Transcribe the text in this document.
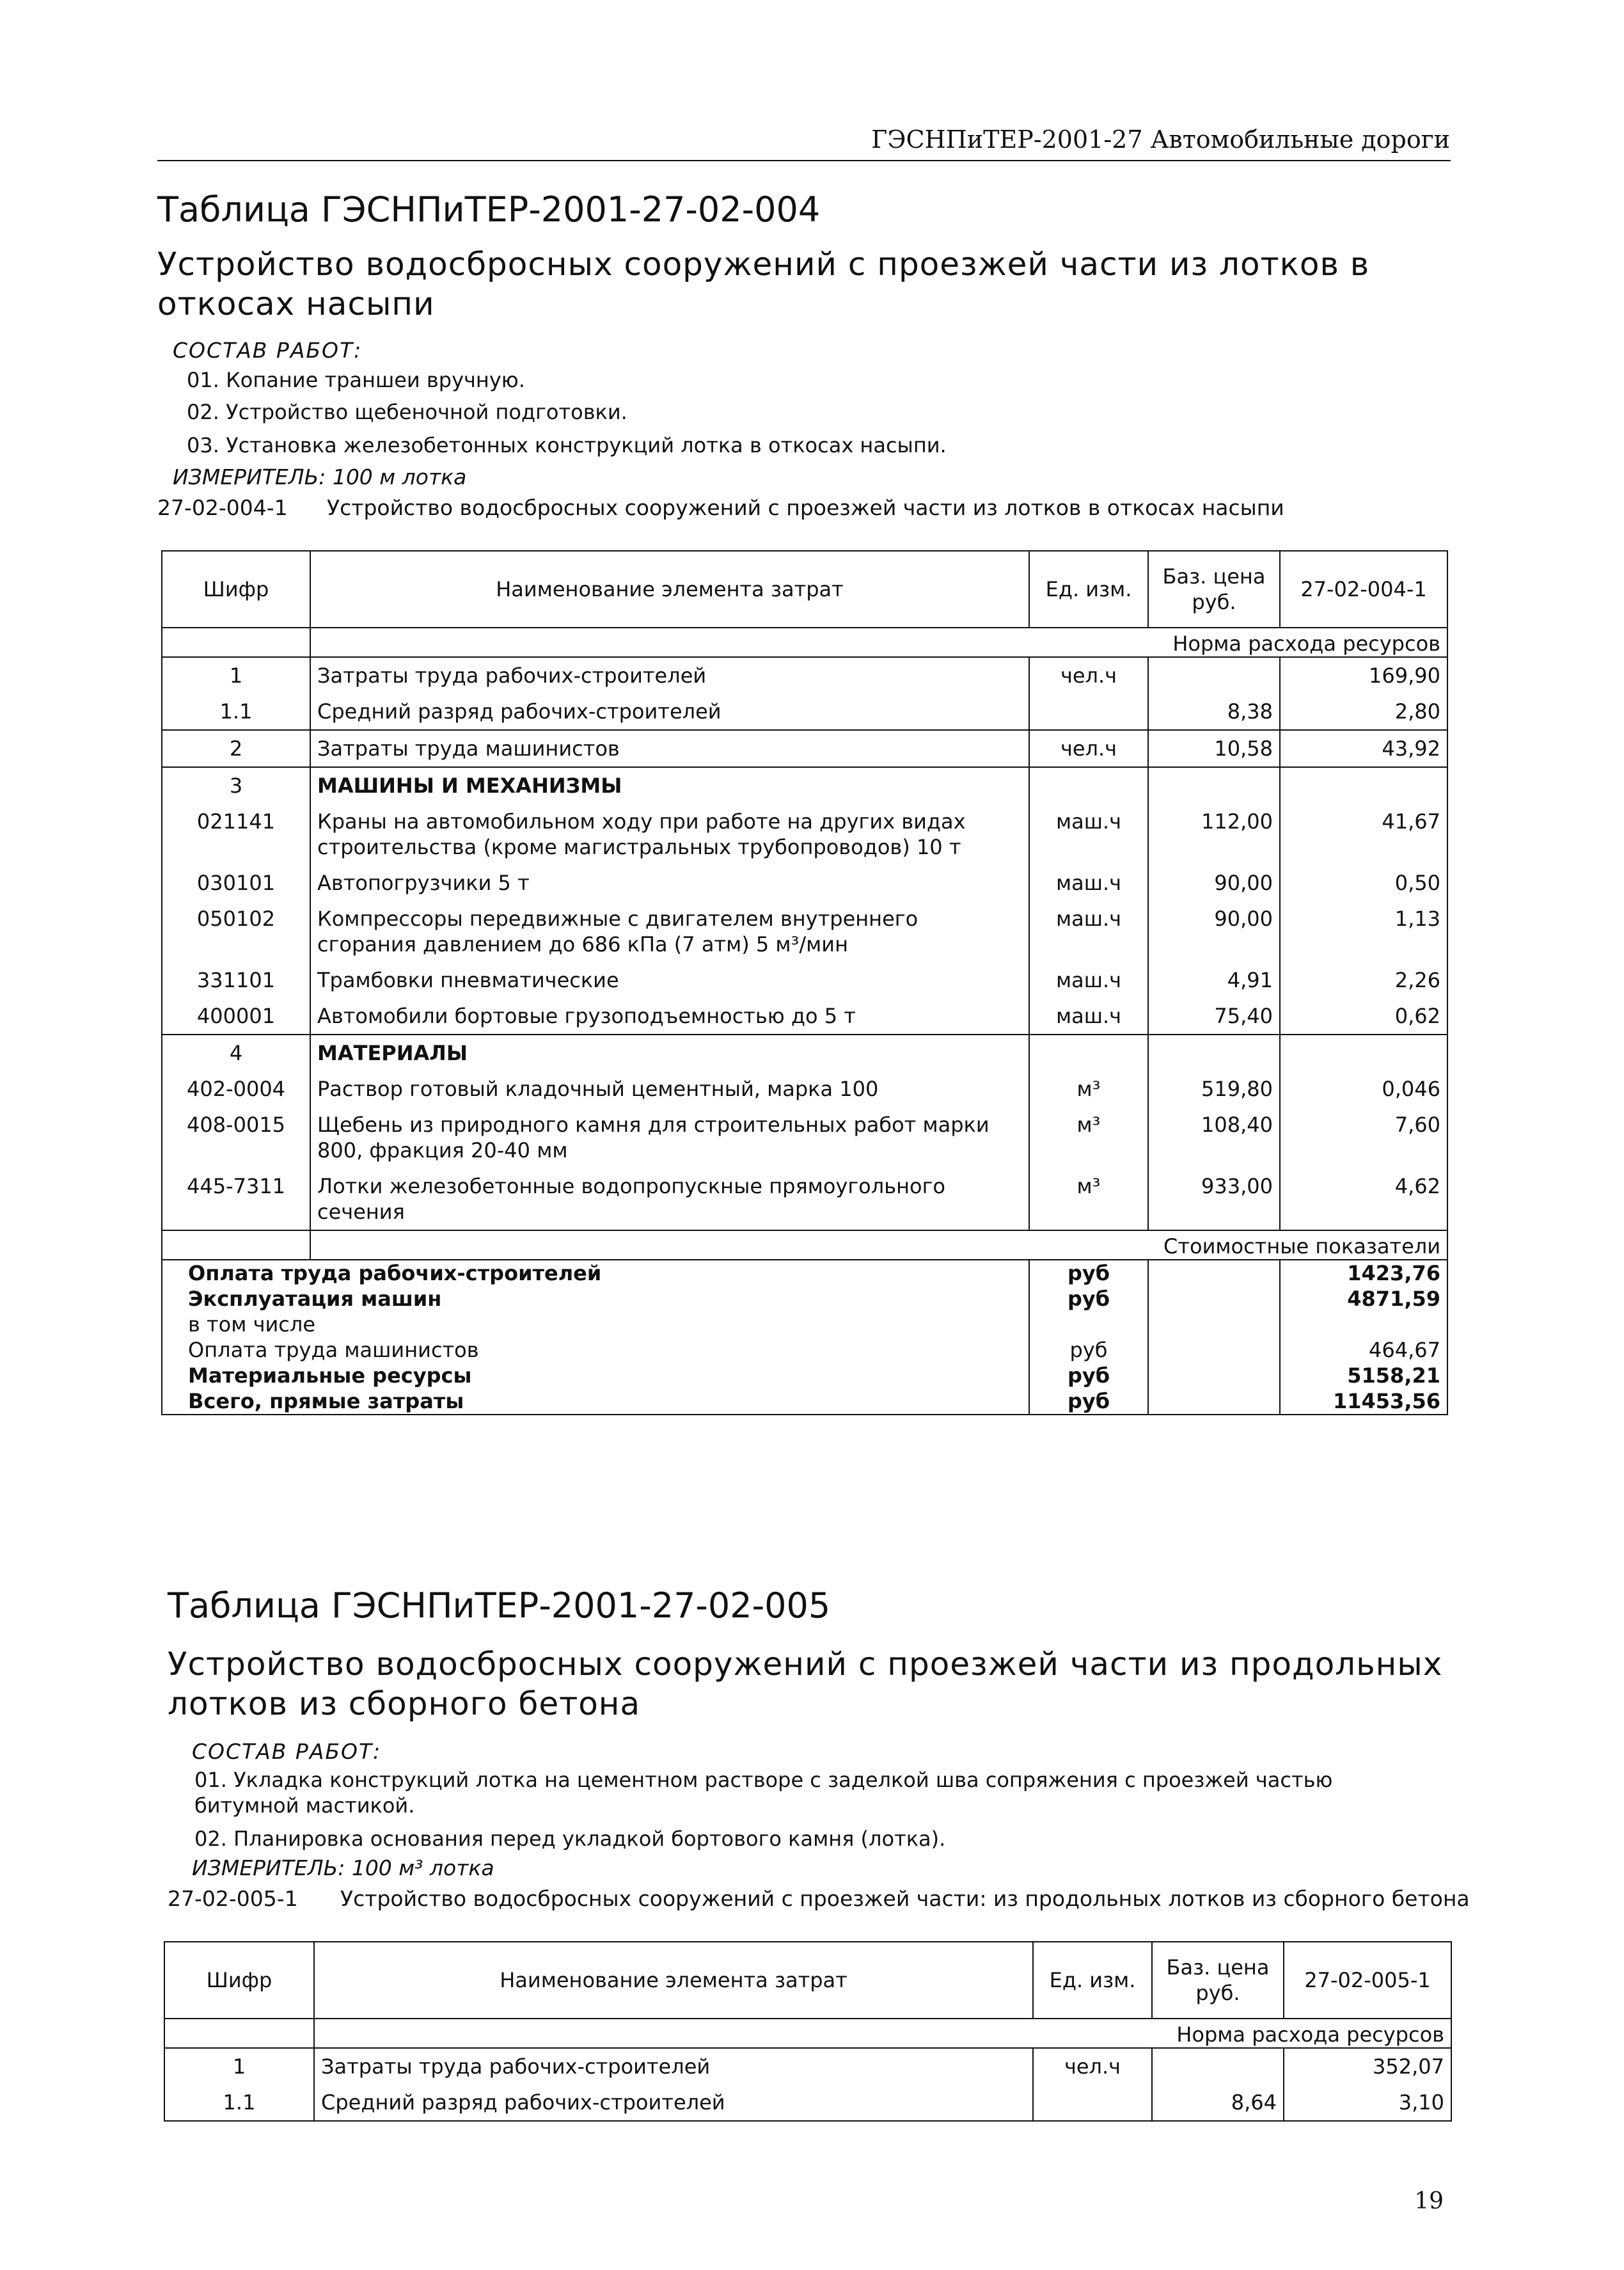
ГЭСНПиТЕР-2001-27 Автомобильные дороги
Таблица ГЭСНПиТЕР-2001-27-02-004
Устройство водосбросных сооружений с проезжей части из лотков в откосах насыпи
СОСТАВ РАБОТ:
01. Копание траншеи вручную.
02. Устройство щебеночной подготовки.
03. Установка железобетонных конструкций лотка в откосах насыпи.
ИЗМЕРИТЕЛЬ: 100 м лотка
27-02-004-1 Устройство водосбросных сооружений с проезжей части из лотков в откосах насыпи
Шифр	Наименование элемента затрат	Ед. изм.	Баз. цена руб.	27-02-004-1
	Норма расхода ресурсов			
1	Затраты труда рабочих-строителей	чел.ч		169,90
1.1	Средний разряд рабочих-строителей		8,38	2,80
2	Затраты труда машинистов	чел.ч	10,58	43,92
3	МАШИНЫ И МЕХАНИЗМЫ			
021141	Краны на автомобильном ходу при работе на других видах строительства (кроме магистральных трубопроводов) 10 т	маш.ч	112,00	41,67
030101	Автопогрузчики 5 т	маш.ч	90,00	0,50
050102	Компрессоры передвижные с двигателем внутреннего сгорания давлением до 686 кПа (7 атм) 5 м³/мин	маш.ч	90,00	1,13
331101	Трамбовки пневматические	маш.ч	4,91	2,26
400001	Автомобили бортовые грузоподъемностью до 5 т	маш.ч	75,40	0,62
4	МАТЕРИАЛЫ			
402-0004	Раствор готовый кладочный цементный, марка 100	м³	519,80	0,046
408-0015	Щебень из природного камня для строительных работ марки 800, фракция 20-40 мм	м³	108,40	7,60
445-7311	Лотки железобетонные водопропускные прямоугольного сечения	м³	933,00	4,62
	Стоимостные показатели			
Оплата труда рабочих-строителей		руб		1423,76
Эксплуатация машин		руб		4871,59
в том числе				
Оплата труда машинистов		руб		464,67
Материальные ресурсы		руб		5158,21
Всего, прямые затраты		руб		11453,56
Таблица ГЭСНПиТЕР-2001-27-02-005
Устройство водосбросных сооружений с проезжей части из продольных лотков из сборного бетона
СОСТАВ РАБОТ:
01. Укладка конструкций лотка на цементном растворе с заделкой шва сопряжения с проезжей частью битумной мастикой.
02. Планировка основания перед укладкой бортового камня (лотка).
ИЗМЕРИТЕЛЬ: 100 м³ лотка
27-02-005-1 Устройство водосбросных сооружений с проезжей части: из продольных лотков из сборного бетона
Шифр	Наименование элемента затрат	Ед. изм.	Баз. цена руб.	27-02-005-1
	Норма расхода ресурсов			
1	Затраты труда рабочих-строителей	чел.ч		352,07
1.1	Средний разряд рабочих-строителей		8,64	3,10
19
